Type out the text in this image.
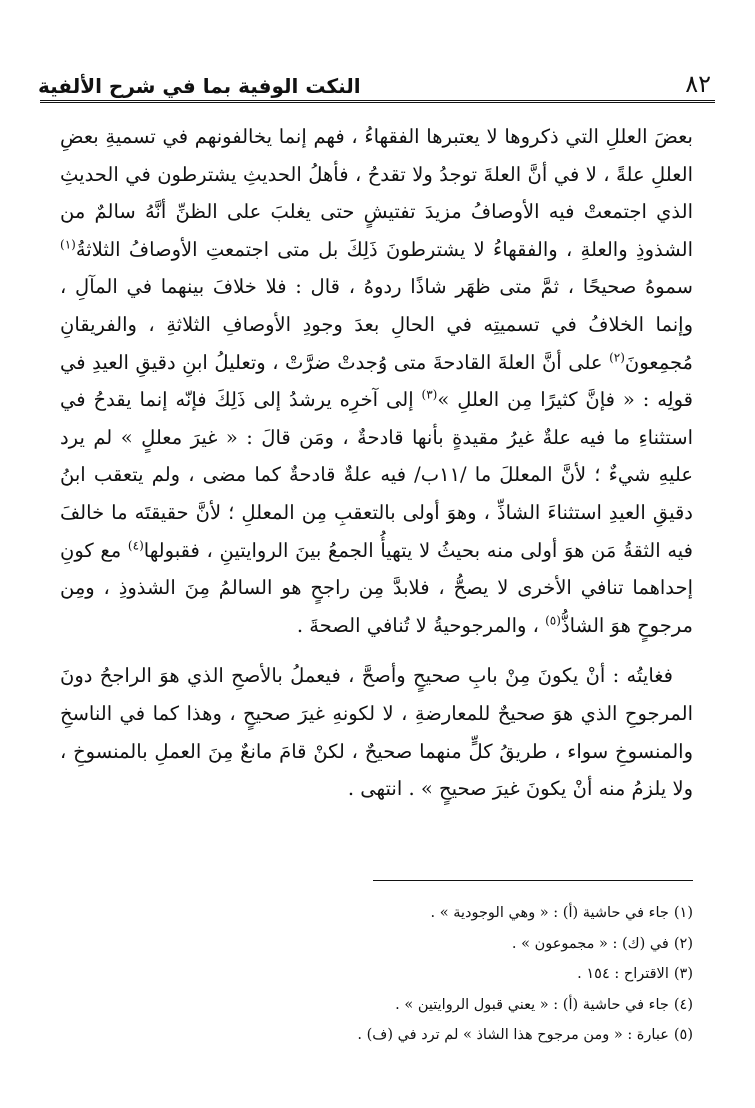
٨٢
النكت الوفية بما في شرح الألفية

بعضَ العللِ التي ذكروها لا يعتبرها الفقهاءُ ، فهم إنما يخالفونهم في تسميةِ بعضِ العللِ علةً ، لا في أنَّ العلةَ توجدُ ولا تقدحُ ، فأهلُ الحديثِ يشترطون في الحديثِ الذي اجتمعتْ فيه الأوصافُ مزيدَ تفتيشٍ حتى يغلبَ على الظنِّ أنَّهُ سالمٌ من الشذوذِ والعلةِ ، والفقهاءُ لا يشترطونَ ذَلِكَ بل متى اجتمعتِ الأوصافُ الثلاثةُ$^{(١)}$ سموهُ صحيحًا ، ثمَّ متى ظهَر شاذًا ردوهُ ، قال : فلا خلافَ بينهما في المآلِ ، وإنما الخلافُ في تسميتِه في الحالِ بعدَ وجودِ الأوصافِ الثلاثةِ ، والفريقانِ مُجمِعونَ$^{(٢)}$ على أنَّ العلةَ القادحةَ متى وُجدتْ ضرَّتْ ، وتعليلُ ابنِ دقيقِ العيدِ في قولِه : « فإنَّ كثيرًا مِن العللِ »$^{(٣)}$ إلى آخرِه يرشدُ إلى ذَلِكَ فإنّه إنما يقدحُ في استثناءِ ما فيه علةٌ غيرُ مقيدةٍ بأنها قادحةٌ ، ومَن قالَ : « غيرَ معللٍ » لم يرد عليهِ شيءٌ ؛ لأنَّ المعللَ ما /١١ب/ فيه علةٌ قادحةٌ كما مضى ، ولم يتعقب ابنُ دقيقِ العيدِ استثناءَ الشاذِّ ، وهوَ أولى بالتعقبِ مِن المعللِ ؛ لأنَّ حقيقتَه ما خالفَ فيه الثقةُ مَن هوَ أولى منه بحيثُ لا يتهيأُ الجمعُ بينَ الروايتينِ ، فقبولها$^{(٤)}$ مع كونِ إحداهما تنافي الأخرى لا يصحُّ ، فلابدَّ مِن راجحٍ هو السالمُ مِنَ الشذوذِ ، ومِن مرجوحٍ هوَ الشاذُّ$^{(٥)}$ ، والمرجوحيةُ لا تُنافي الصحةَ .

فغايتُه : أنْ يكونَ مِنْ بابِ صحيحٍ وأصحَّ ، فيعملُ بالأصحِ الذي هوَ الراجحُ دونَ المرجوحِ الذي هوَ صحيحٌ للمعارضةِ ، لا لكونهِ غيرَ صحيحٍ ، وهذا كما في الناسخِ والمنسوخِ سواء ، طريقُ كلٍّ منهما صحيحٌ ، لكنْ قامَ مانعٌ مِنَ العملِ بالمنسوخِ ، ولا يلزمُ منه أنْ يكونَ غيرَ صحيحٍ » . انتهى .

(١)جاء في حاشية (أ) : « وهي الوجودية » .

(٢)في (ك) : « مجموعون » .

(٣)الاقتراح : ١٥٤ .

(٤)جاء في حاشية (أ) : « يعني قبول الروايتين » .

(٥)عبارة : « ومن مرجوح هذا الشاذ » لم ترد في (ف) .
